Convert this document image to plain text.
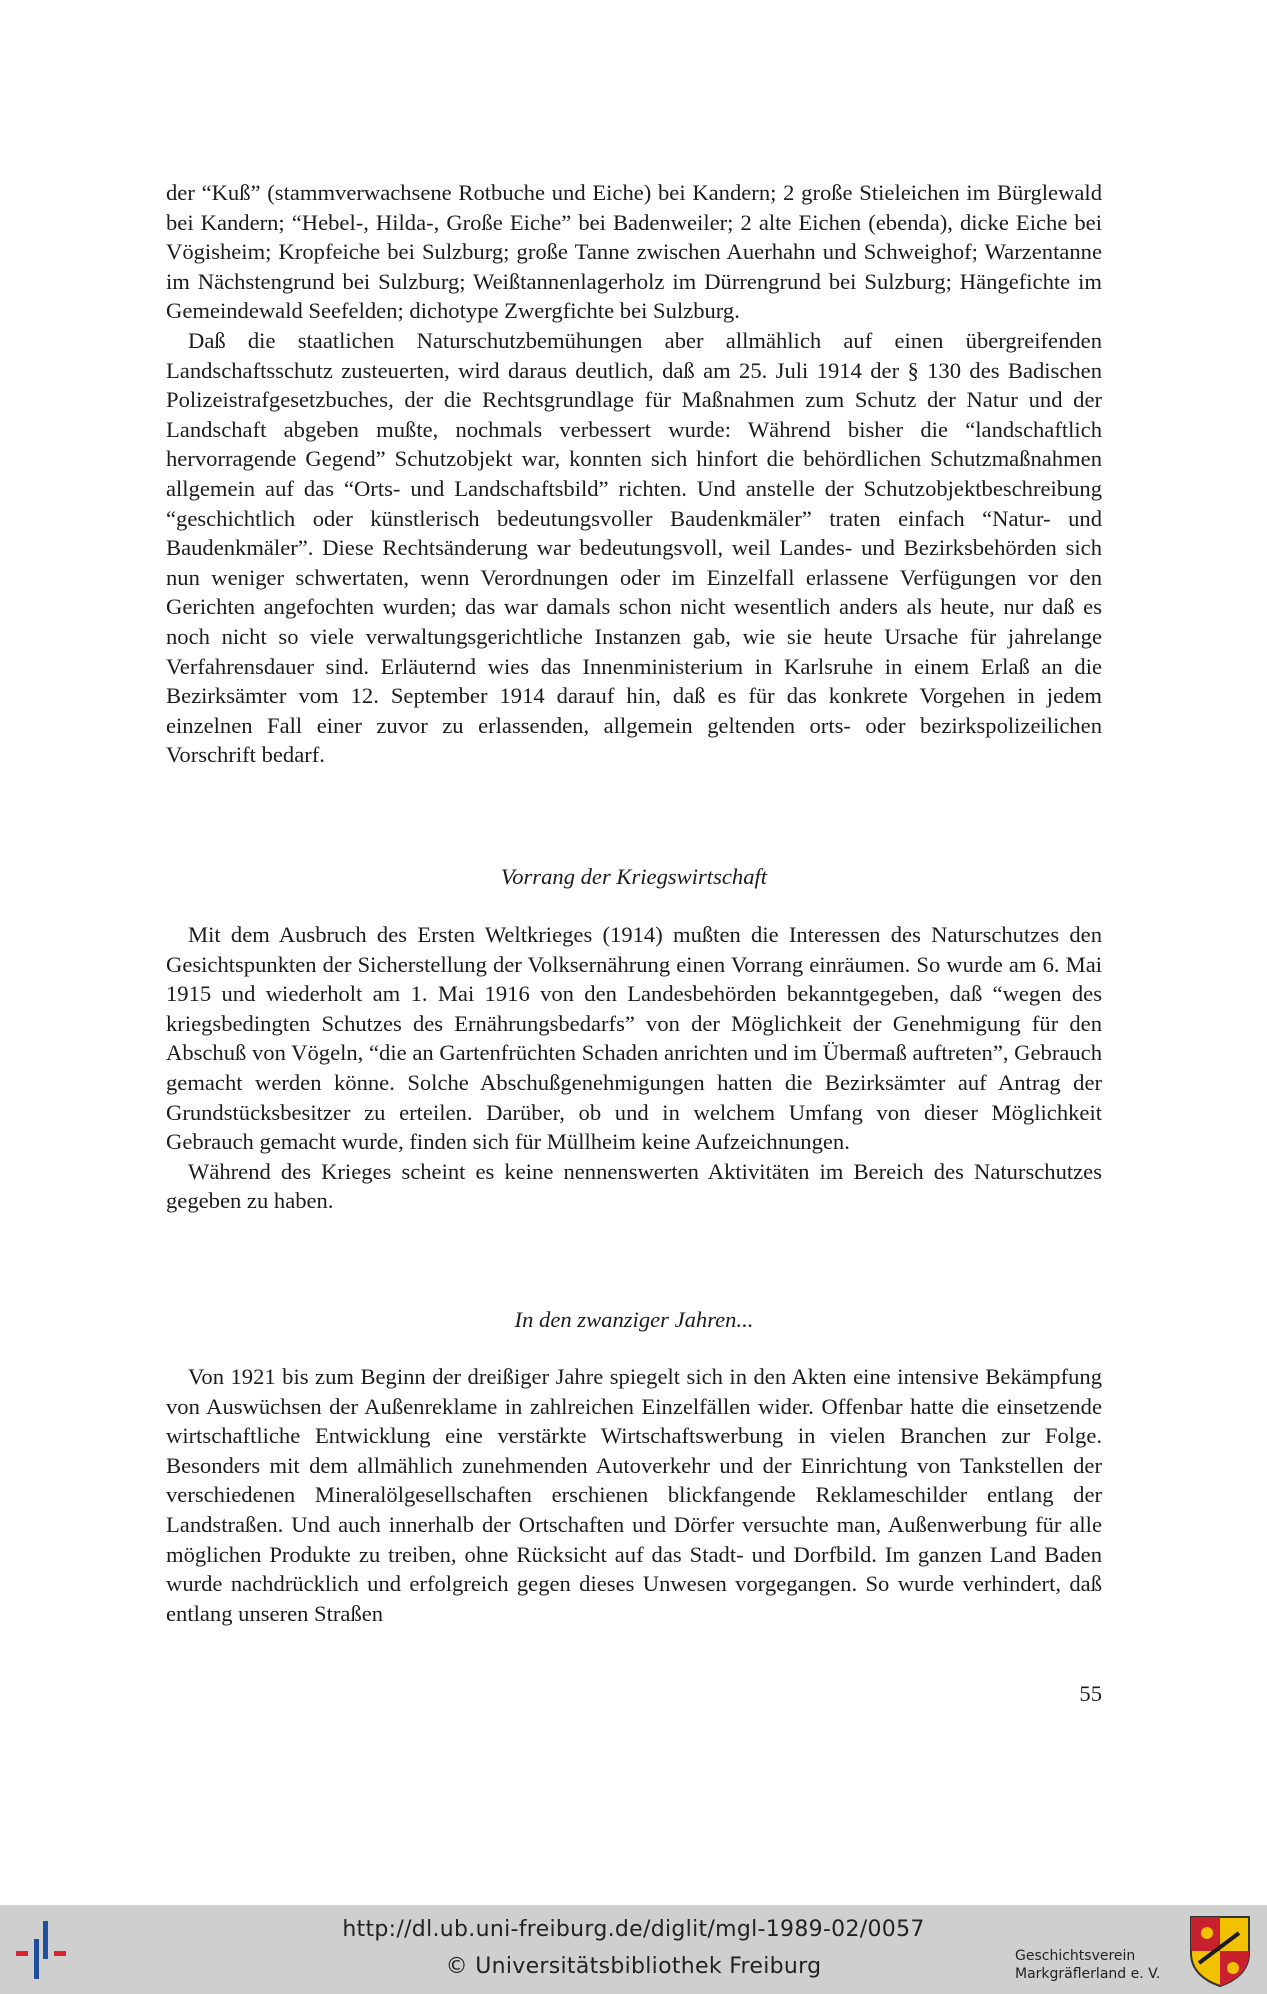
der “Kuß” (stammverwachsene Rotbuche und Eiche) bei Kandern; 2 große Stieleichen im Bürglewald bei Kandern; “Hebel-, Hilda-, Große Eiche” bei Badenweiler; 2 alte Eichen (ebenda), dicke Eiche bei Vögisheim; Kropfeiche bei Sulzburg; große Tanne zwischen Auerhahn und Schweighof; Warzentanne im Nächstengrund bei Sulzburg; Weißtannenlagerholz im Dürrengrund bei Sulzburg; Hängefichte im Gemeindewald Seefelden; dichotype Zwergfichte bei Sulzburg.

Daß die staatlichen Naturschutzbemühungen aber allmählich auf einen übergreifenden Landschaftsschutz zusteuerten, wird daraus deutlich, daß am 25. Juli 1914 der § 130 des Badischen Polizeistrafgesetzbuches, der die Rechtsgrundlage für Maßnahmen zum Schutz der Natur und der Landschaft abgeben mußte, nochmals verbessert wurde: Während bisher die “landschaftlich hervorragende Gegend” Schutzobjekt war, konnten sich hinfort die behördlichen Schutzmaßnahmen allgemein auf das “Orts- und Landschaftsbild” richten. Und anstelle der Schutzobjektbeschreibung “geschichtlich oder künstlerisch bedeutungsvoller Baudenkmäler” traten einfach “Natur- und Baudenkmäler”. Diese Rechtsänderung war bedeutungsvoll, weil Landes- und Bezirksbehörden sich nun weniger schwertaten, wenn Verordnungen oder im Einzelfall erlassene Verfügungen vor den Gerichten angefochten wurden; das war damals schon nicht wesentlich anders als heute, nur daß es noch nicht so viele verwaltungsgerichtliche Instanzen gab, wie sie heute Ursache für jahrelange Verfahrensdauer sind. Erläuternd wies das Innenministerium in Karlsruhe in einem Erlaß an die Bezirksämter vom 12. September 1914 darauf hin, daß es für das konkrete Vorgehen in jedem einzelnen Fall einer zuvor zu erlassenden, allgemein geltenden orts- oder bezirkspolizeilichen Vorschrift bedarf.

Vorrang der Kriegswirtschaft

Mit dem Ausbruch des Ersten Weltkrieges (1914) mußten die Interessen des Naturschutzes den Gesichtspunkten der Sicherstellung der Volksernährung einen Vorrang einräumen. So wurde am 6. Mai 1915 und wiederholt am 1. Mai 1916 von den Landesbehörden bekanntgegeben, daß “wegen des kriegsbedingten Schutzes des Ernährungsbedarfs” von der Möglichkeit der Genehmigung für den Abschuß von Vögeln, “die an Gartenfrüchten Schaden anrichten und im Übermaß auftreten”, Gebrauch gemacht werden könne. Solche Abschußgenehmigungen hatten die Bezirksämter auf Antrag der Grundstücksbesitzer zu erteilen. Darüber, ob und in welchem Umfang von dieser Möglichkeit Gebrauch gemacht wurde, finden sich für Müllheim keine Aufzeichnungen.

Während des Krieges scheint es keine nennenswerten Aktivitäten im Bereich des Naturschutzes gegeben zu haben.

In den zwanziger Jahren...

Von 1921 bis zum Beginn der dreißiger Jahre spiegelt sich in den Akten eine intensive Bekämpfung von Auswüchsen der Außenreklame in zahlreichen Einzelfällen wider. Offenbar hatte die einsetzende wirtschaftliche Entwicklung eine verstärkte Wirtschaftswerbung in vielen Branchen zur Folge. Besonders mit dem allmählich zunehmenden Autoverkehr und der Einrichtung von Tankstellen der verschiedenen Mineralölgesellschaften erschienen blickfangende Reklameschilder entlang der Landstraßen. Und auch innerhalb der Ortschaften und Dörfer versuchte man, Außenwerbung für alle möglichen Produkte zu treiben, ohne Rücksicht auf das Stadt- und Dorfbild. Im ganzen Land Baden wurde nachdrücklich und erfolgreich gegen dieses Unwesen vorgegangen. So wurde verhindert, daß entlang unseren Straßen

55
http://dl.ub.uni-freiburg.de/diglit/mgl-1989-02/0057
© Universitätsbibliothek Freiburg	Geschichtsverein
Markgräflerland e. V.
